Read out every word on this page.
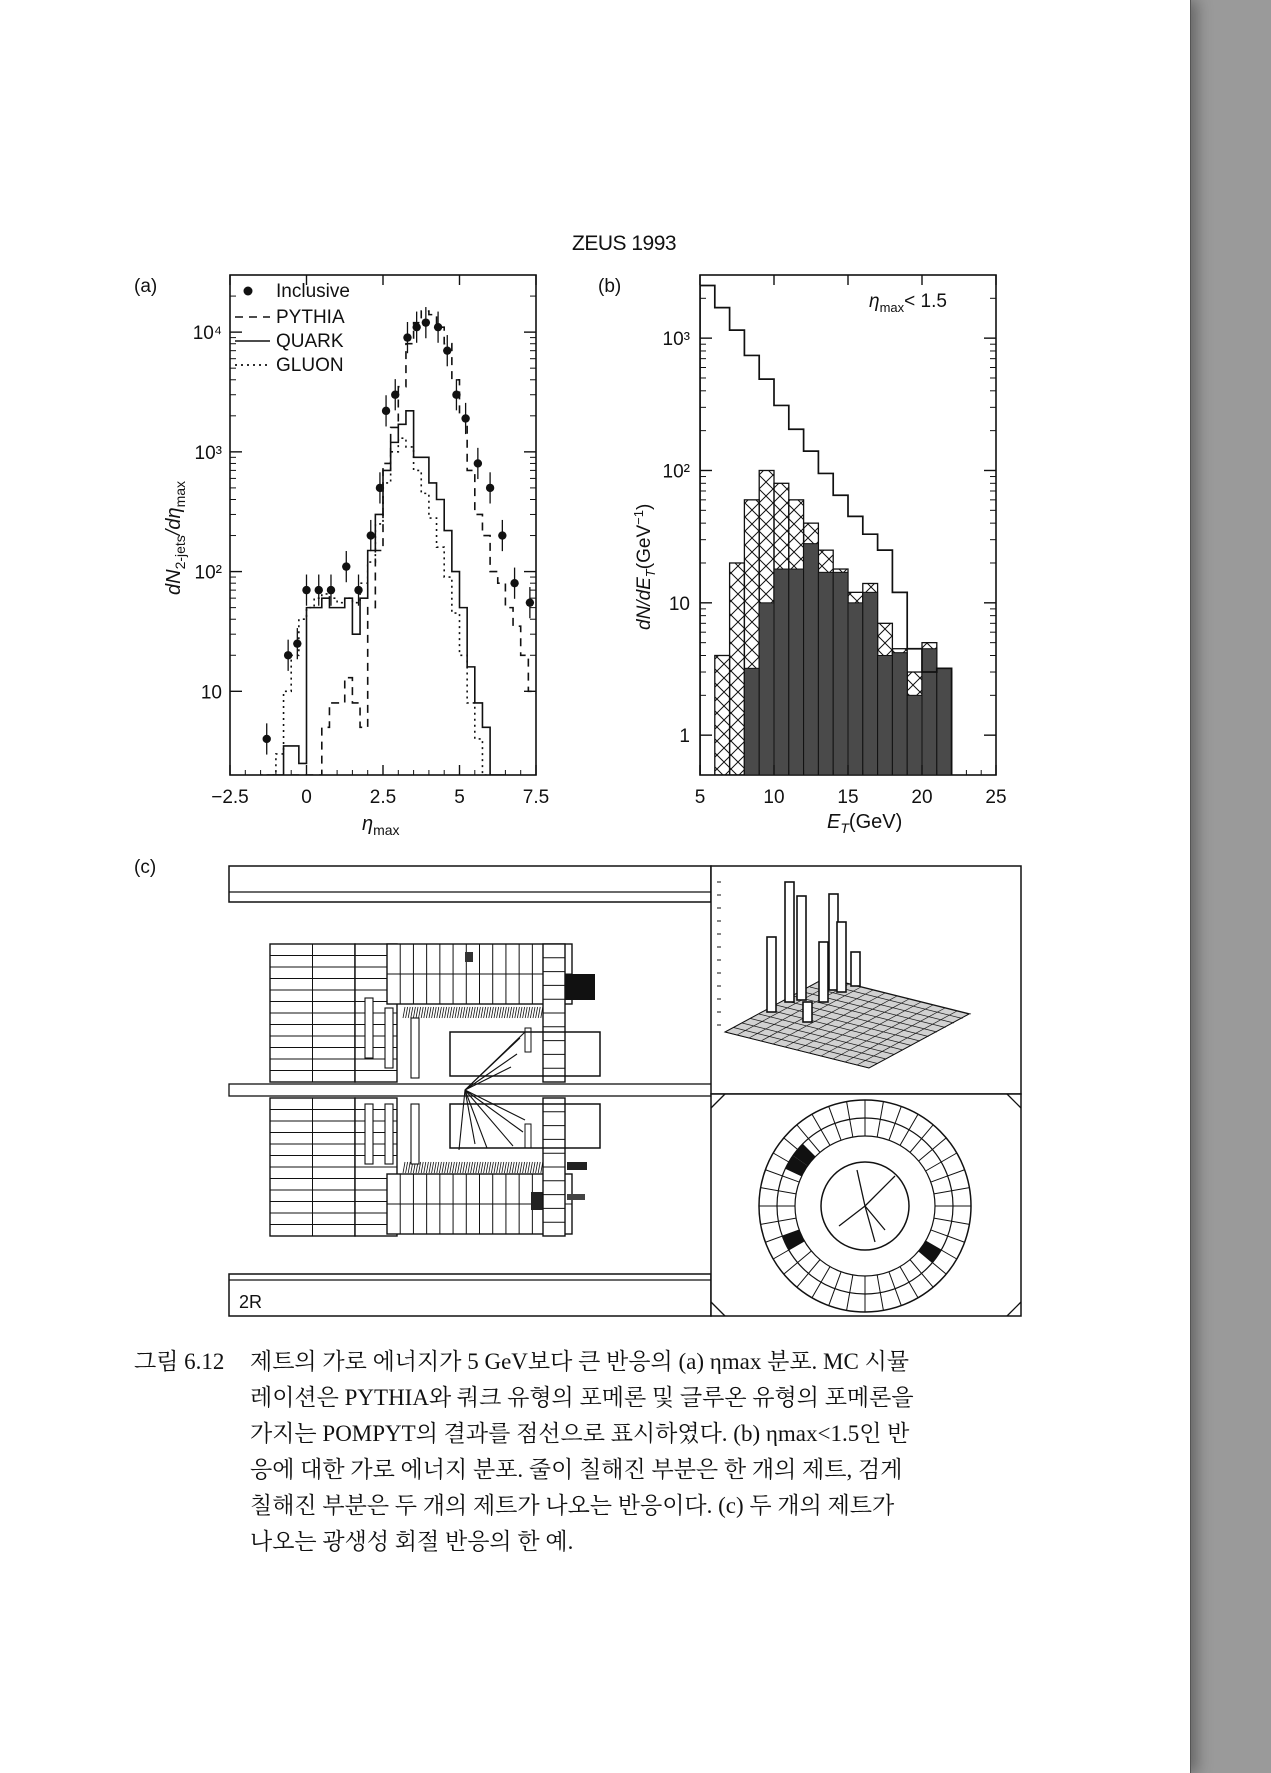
ZEUS 1993
(a)	(b)
(c)
−2.5	0	2.5	5	7.5
10
10²
10³
10⁴
Inclusive
PYTHIA
QUARK
GLUON
$dN_{2-jets}/d\eta_{max}$
$\eta_{max}$
5	10	15	20	25
1
10
10²
10³
$\eta_{max}< 1.5$
$dN/dE_T(GeV^{-1})$
$E_T(GeV)$
2R
그림 6.12 제트의 가로 에너지가 5 GeV보다 큰 반응의 (a) ηmax 분포. MC 시뮬
레이션은 PYTHIA와 쿼크 유형의 포메론 및 글루온 유형의 포메론을
가지는 POMPYT의 결과를 점선으로 표시하였다. (b) ηmax<1.5인 반
응에 대한 가로 에너지 분포. 줄이 칠해진 부분은 한 개의 제트, 검게
칠해진 부분은 두 개의 제트가 나오는 반응이다. (c) 두 개의 제트가
나오는 광생성 회절 반응의 한 예.
